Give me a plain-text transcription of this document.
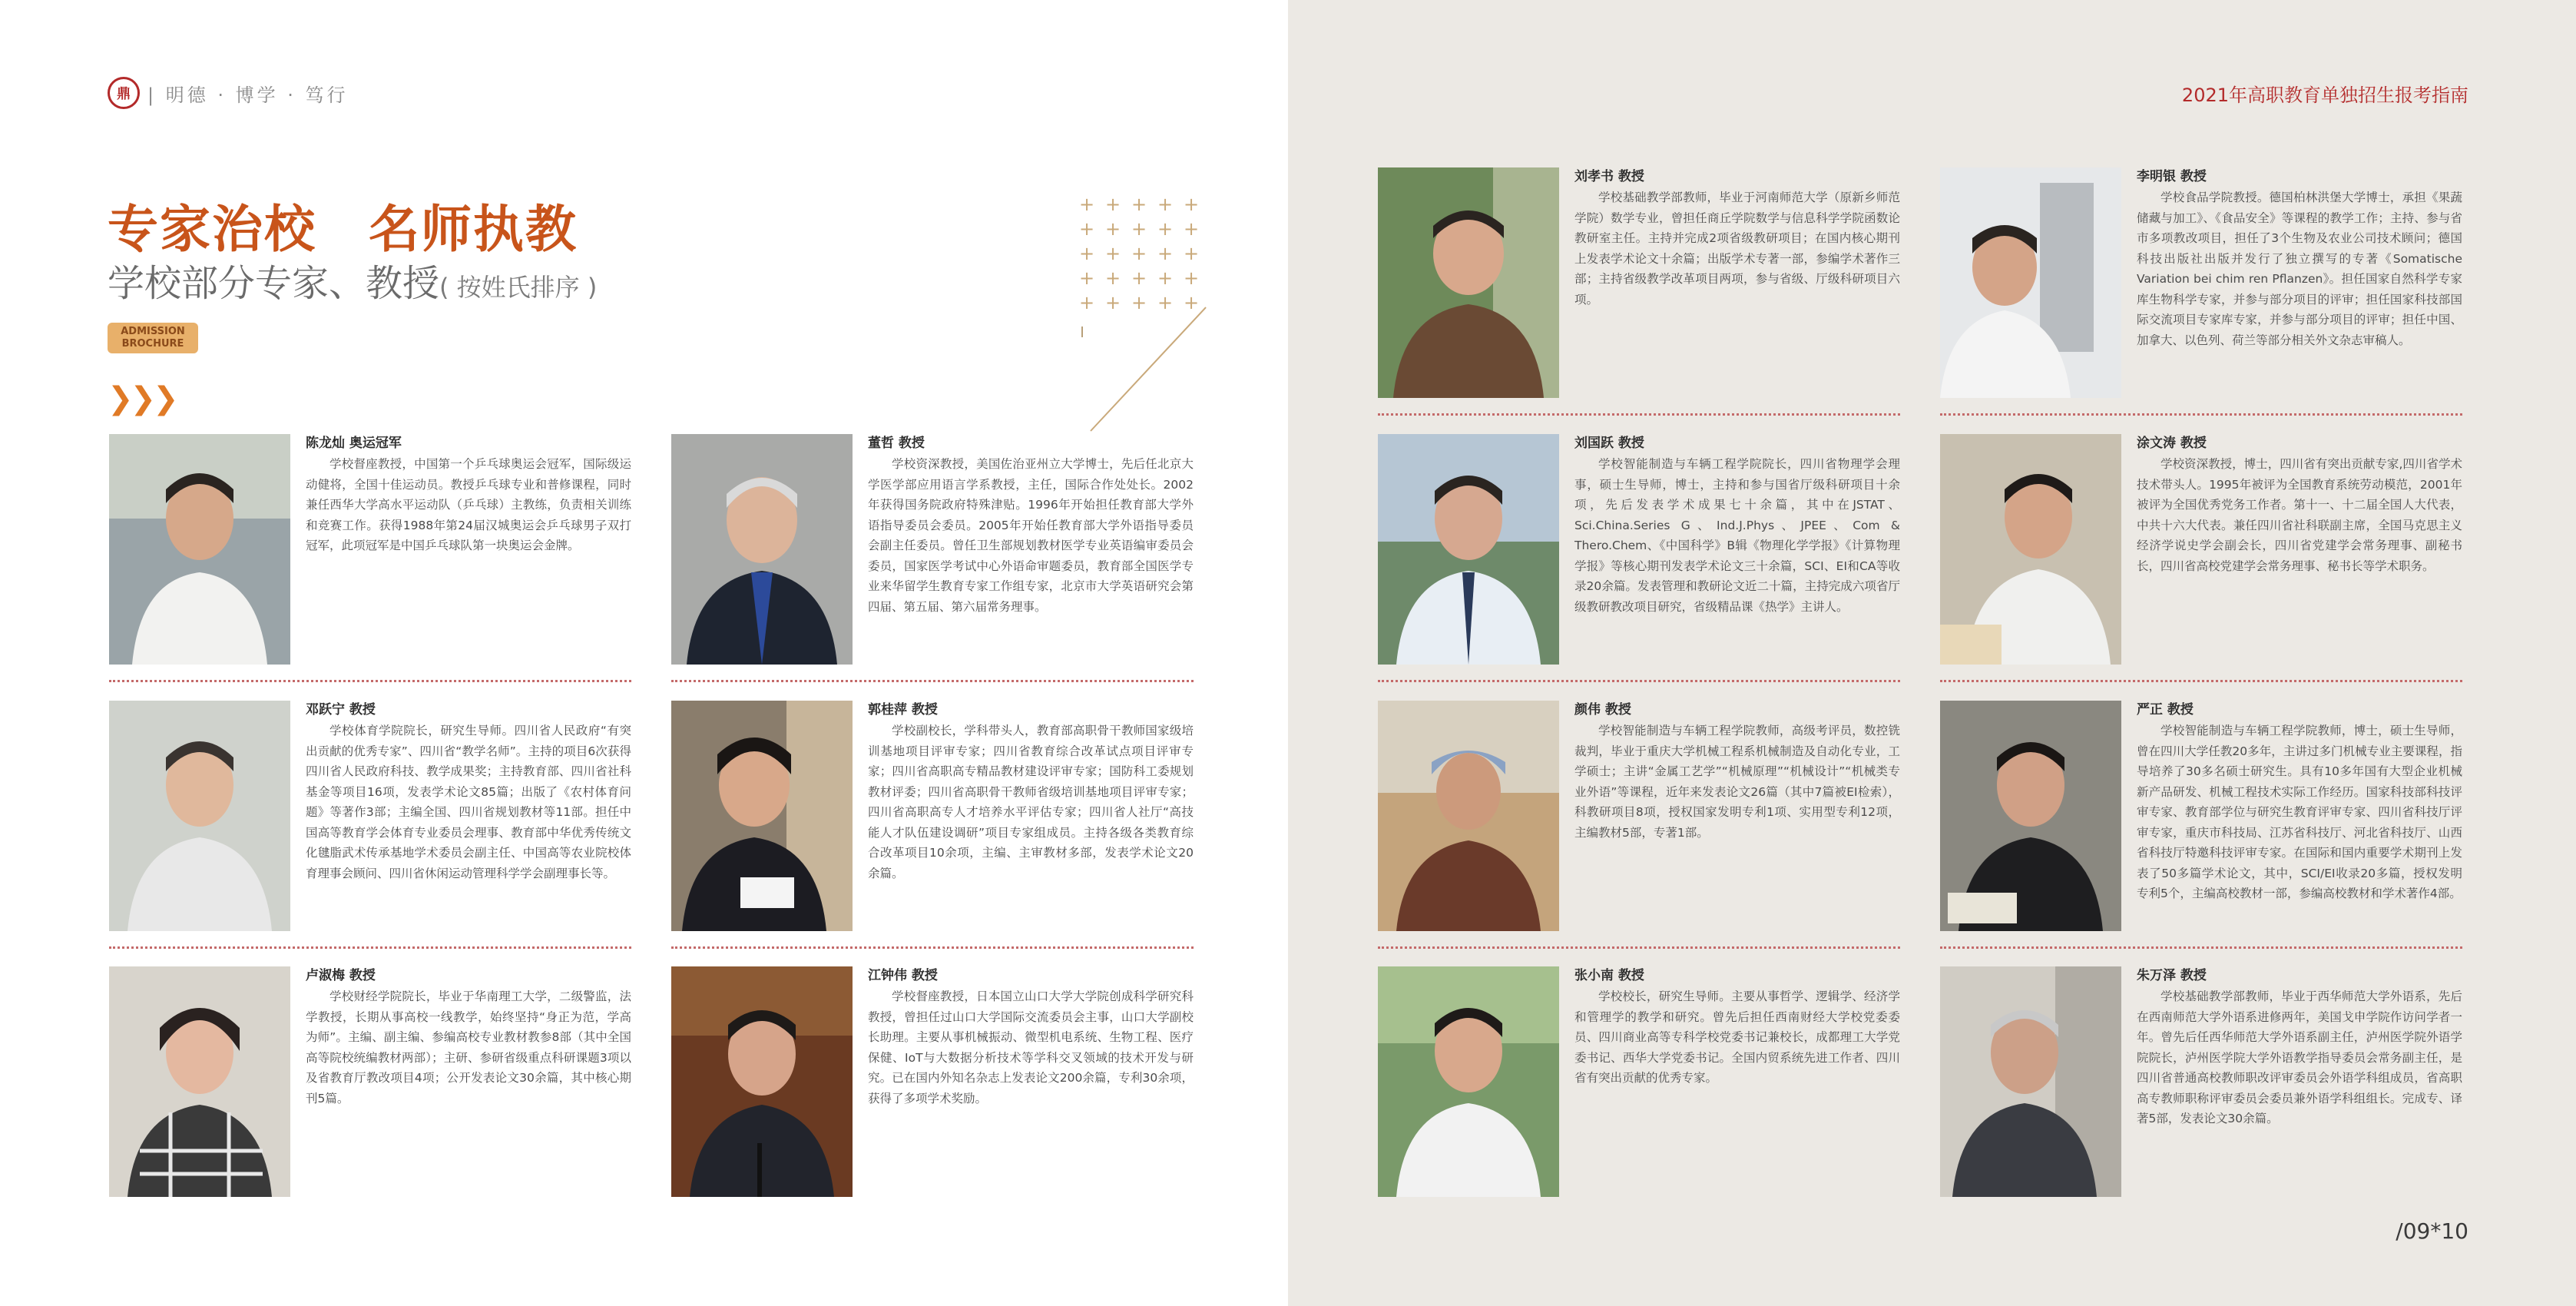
鼎 | 明德 · 博学 · 笃行
专家治校　名师执教
学校部分专家、教授( 按姓氏排序 )
ADMISSION
BROCHURE
❯❯❯
+ + + + +
+ + + + +
+ + + + +
+ + + + +
+ + + + +
陈龙灿 奥运冠军
学校督座教授，中国第一个乒乓球奥运会冠军，国际级运动健将，全国十佳运动员。教授乒乓球专业和普修课程，同时兼任西华大学高水平运动队（乒乓球）主教练，负责相关训练和竞赛工作。获得1988年第24届汉城奥运会乒乓球男子双打冠军，此项冠军是中国乒乓球队第一块奥运会金牌。
董哲 教授
学校资深教授，美国佐治亚州立大学博士，先后任北京大学医学部应用语言学系教授，主任，国际合作处处长。2002年获得国务院政府特殊津贴。1996年开始担任教育部大学外语指导委员会委员。2005年开始任教育部大学外语指导委员会副主任委员。曾任卫生部规划教材医学专业英语编审委员会委员，国家医学考试中心外语命审题委员，教育部全国医学专业来华留学生教育专家工作组专家，北京市大学英语研究会第四届、第五届、第六届常务理事。
邓跃宁 教授
学校体育学院院长，研究生导师。四川省人民政府“有突出贡献的优秀专家”、四川省“教学名师”。主持的项目6次获得四川省人民政府科技、教学成果奖；主持教育部、四川省社科基金等项目16项，发表学术论文85篇；出版了《农村体育问题》等著作3部；主编全国、四川省规划教材等11部。担任中国高等教育学会体育专业委员会理事、教育部中华优秀传统文化毽脂武术传承基地学术委员会副主任、中国高等农业院校体育理事会顾问、四川省休闲运动管理科学学会副理事长等。
郭桂萍 教授
学校副校长，学科带头人，教育部高职骨干教师国家级培训基地项目评审专家；四川省教育综合改革试点项目评审专家；四川省高职高专精品教材建设评审专家；国防科工委规划教材评委；四川省高职骨干教师省级培训基地项目评审专家；四川省高职高专人才培养水平评估专家；四川省人社厅“高技能人才队伍建设调研”项目专家组成员。主持各级各类教育综合改革项目10余项，主编、主审教材多部，发表学术论文20余篇。
卢淑梅 教授
学校财经学院院长，毕业于华南理工大学，二级警监，法学教授，长期从事高校一线教学，始终坚持“身正为范，学高为师”。主编、副主编、参编高校专业教材教参8部（其中全国高等院校统编教材两部）；主研、参研省级重点科研课题3项以及省教育厅教改项目4项；公开发表论文30余篇，其中核心期刊5篇。
江钟伟 教授
学校督座教授，日本国立山口大学大学院创成科学研究科教授，曾担任过山口大学国际交流委员会主事，山口大学副校长助理。主要从事机械振动、微型机电系统、生物工程、医疗保健、IoT与大数据分析技术等学科交叉领域的技术开发与研究。已在国内外知名杂志上发表论文200余篇，专利30余项，获得了多项学术奖励。
2021年高职教育单独招生报考指南
刘孝书 教授
学校基础教学部教师，毕业于河南师范大学（原新乡师范学院）数学专业，曾担任商丘学院数学与信息科学学院函数论教研室主任。主持并完成2项省级教研项目；在国内核心期刊上发表学术论文十余篇；出版学术专著一部，参编学术著作三部；主持省级教学改革项目两项，参与省级、厅级科研项目六项。
李明银 教授
学校食品学院教授。德国柏林洪堡大学博士，承担《果蔬储藏与加工》、《食品安全》等课程的教学工作；主持、参与省市多项教改项目，担任了3个生物及农业公司技术顾问；德国科技出版社出版并发行了独立撰写的专著《Somatische Variation bei chim ren Pflanzen》。担任国家自然科学专家库生物科学专家，并参与部分项目的评审；担任国家科技部国际交流项目专家库专家，并参与部分项目的评审；担任中国、加拿大、以色列、荷兰等部分相关外文杂志审稿人。
刘国跃 教授
学校智能制造与车辆工程学院院长，四川省物理学会理事，硕士生导师，博士，主持和参与国省厅级科研项目十余项，先后发表学术成果七十余篇，其中在JSTAT、Sci.China.Series G、Ind.J.Phys、JPEE、Com & Thero.Chem、《中国科学》B辑《物理化学学报》《计算物理学报》等核心期刊发表学术论文三十余篇，SCI、EI和CA等收录20余篇。发表管理和教研论文近二十篇，主持完成六项省厅级教研教改项目研究，省级精品课《热学》主讲人。
涂文涛 教授
学校资深教授，博士，四川省有突出贡献专家,四川省学术技术带头人。1995年被评为全国教育系统劳动模范，2001年被评为全国优秀党务工作者。第十一、十二届全国人大代表，中共十六大代表。兼任四川省社科联副主席，全国马克思主义经济学说史学会副会长，四川省党建学会常务理事、副秘书长，四川省高校党建学会常务理事、秘书长等学术职务。
颜伟 教授
学校智能制造与车辆工程学院教师，高级考评员，数控铣裁判，毕业于重庆大学机械工程系机械制造及自动化专业，工学硕士；主讲“金属工艺学”“机械原理”“机械设计”“机械类专业外语”等课程，近年来发表论文26篇（其中7篇被EI检索），科教研项目8项，授权国家发明专利1项、实用型专利12项，主编教材5部，专著1部。
严正 教授
学校智能制造与车辆工程学院教师，博士，硕士生导师，曾在四川大学任教20多年，主讲过多门机械专业主要课程，指导培养了30多名硕士研究生。具有10多年国有大型企业机械新产品研发、机械工程技术实际工作经历。国家科技部科技评审专家、教育部学位与研究生教育评审专家、四川省科技厅评审专家，重庆市科技局、江苏省科技厅、河北省科技厅、山西省科技厅特邀科技评审专家。在国际和国内重要学术期刊上发表了50多篇学术论文，其中，SCI/EI收录20多篇，授权发明专利5个，主编高校教材一部，参编高校教材和学术著作4部。
张小南 教授
学校校长，研究生导师。主要从事哲学、逻辑学、经济学和管理学的教学和研究。曾先后担任西南财经大学校党委委员、四川商业高等专科学校党委书记兼校长，成都理工大学党委书记、西华大学党委书记。全国内贸系统先进工作者、四川省有突出贡献的优秀专家。
朱万泽 教授
学校基础教学部教师，毕业于西华师范大学外语系，先后在西南师范大学外语系进修两年，美国戈申学院作访问学者一年。曾先后任西华师范大学外语系副主任，泸州医学院外语学院院长，泸州医学院大学外语教学指导委员会常务副主任，是四川省普通高校教师职改评审委员会外语学科组成员，省高职高专教师职称评审委员会委员兼外语学科组组长。完成专、译著5部，发表论文30余篇。
/09*10
